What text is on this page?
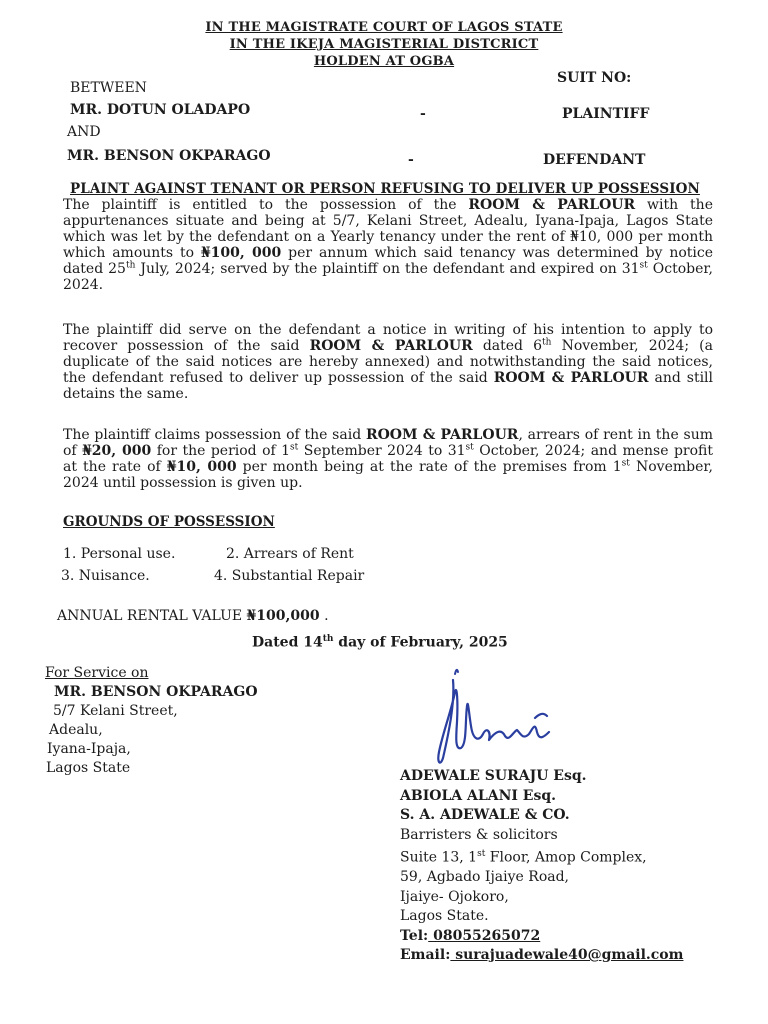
IN THE MAGISTRATE COURT OF LAGOS STATE
IN THE IKEJA MAGISTERIAL DISTCRICT
HOLDEN AT OGBA
BETWEEN
SUIT NO:
MR. DOTUN OLADAPO	-	PLAINTIFF
AND
MR. BENSON OKPARAGO	-	DEFENDANT
PLAINT AGAINST TENANT OR PERSON REFUSING TO DELIVER UP POSSESSION

The plaintiff is entitled to the possession of the ROOM & PARLOUR with the appurtenances situate and being at 5/7, Kelani Street, Adealu, Iyana-Ipaja, Lagos State which was let by the defendant on a Yearly tenancy under the rent of ₦10, 000 per month which amounts to ₦100, 000 per annum which said tenancy was determined by notice dated 25th July, 2024; served by the plaintiff on the defendant and expired on 31st October, 2024.

The plaintiff did serve on the defendant a notice in writing of his intention to apply to recover possession of the said ROOM & PARLOUR dated 6th November, 2024; (a duplicate of the said notices are hereby annexed) and notwithstanding the said notices, the defendant refused to deliver up possession of the said ROOM & PARLOUR and still detains the same.

The plaintiff claims possession of the said ROOM & PARLOUR, arrears of rent in the sum of ₦20, 000 for the period of 1st September 2024 to 31st October, 2024; and mense profit at the rate of ₦10, 000 per month being at the rate of the premises from 1st November, 2024 until possession is given up.

GROUNDS OF POSSESSION
1. Personal use.	2. Arrears of Rent
3. Nuisance.	4. Substantial Repair
ANNUAL RENTAL VALUE ₦100,000 .
Dated 14th day of February, 2025
For Service on
MR. BENSON OKPARAGO
5/7 Kelani Street,
Adealu,
Iyana-Ipaja,
Lagos State	ADEWALE SURAJU Esq.
ABIOLA ALANI Esq.
S. A. ADEWALE & CO.
Barristers & solicitors
Suite 13, 1st Floor, Amop Complex,
59, Agbado Ijaiye Road,
Ijaiye- Ojokoro,
Lagos State.
Tel: 08055265072
Email: surajuadewale40@gmail.com
